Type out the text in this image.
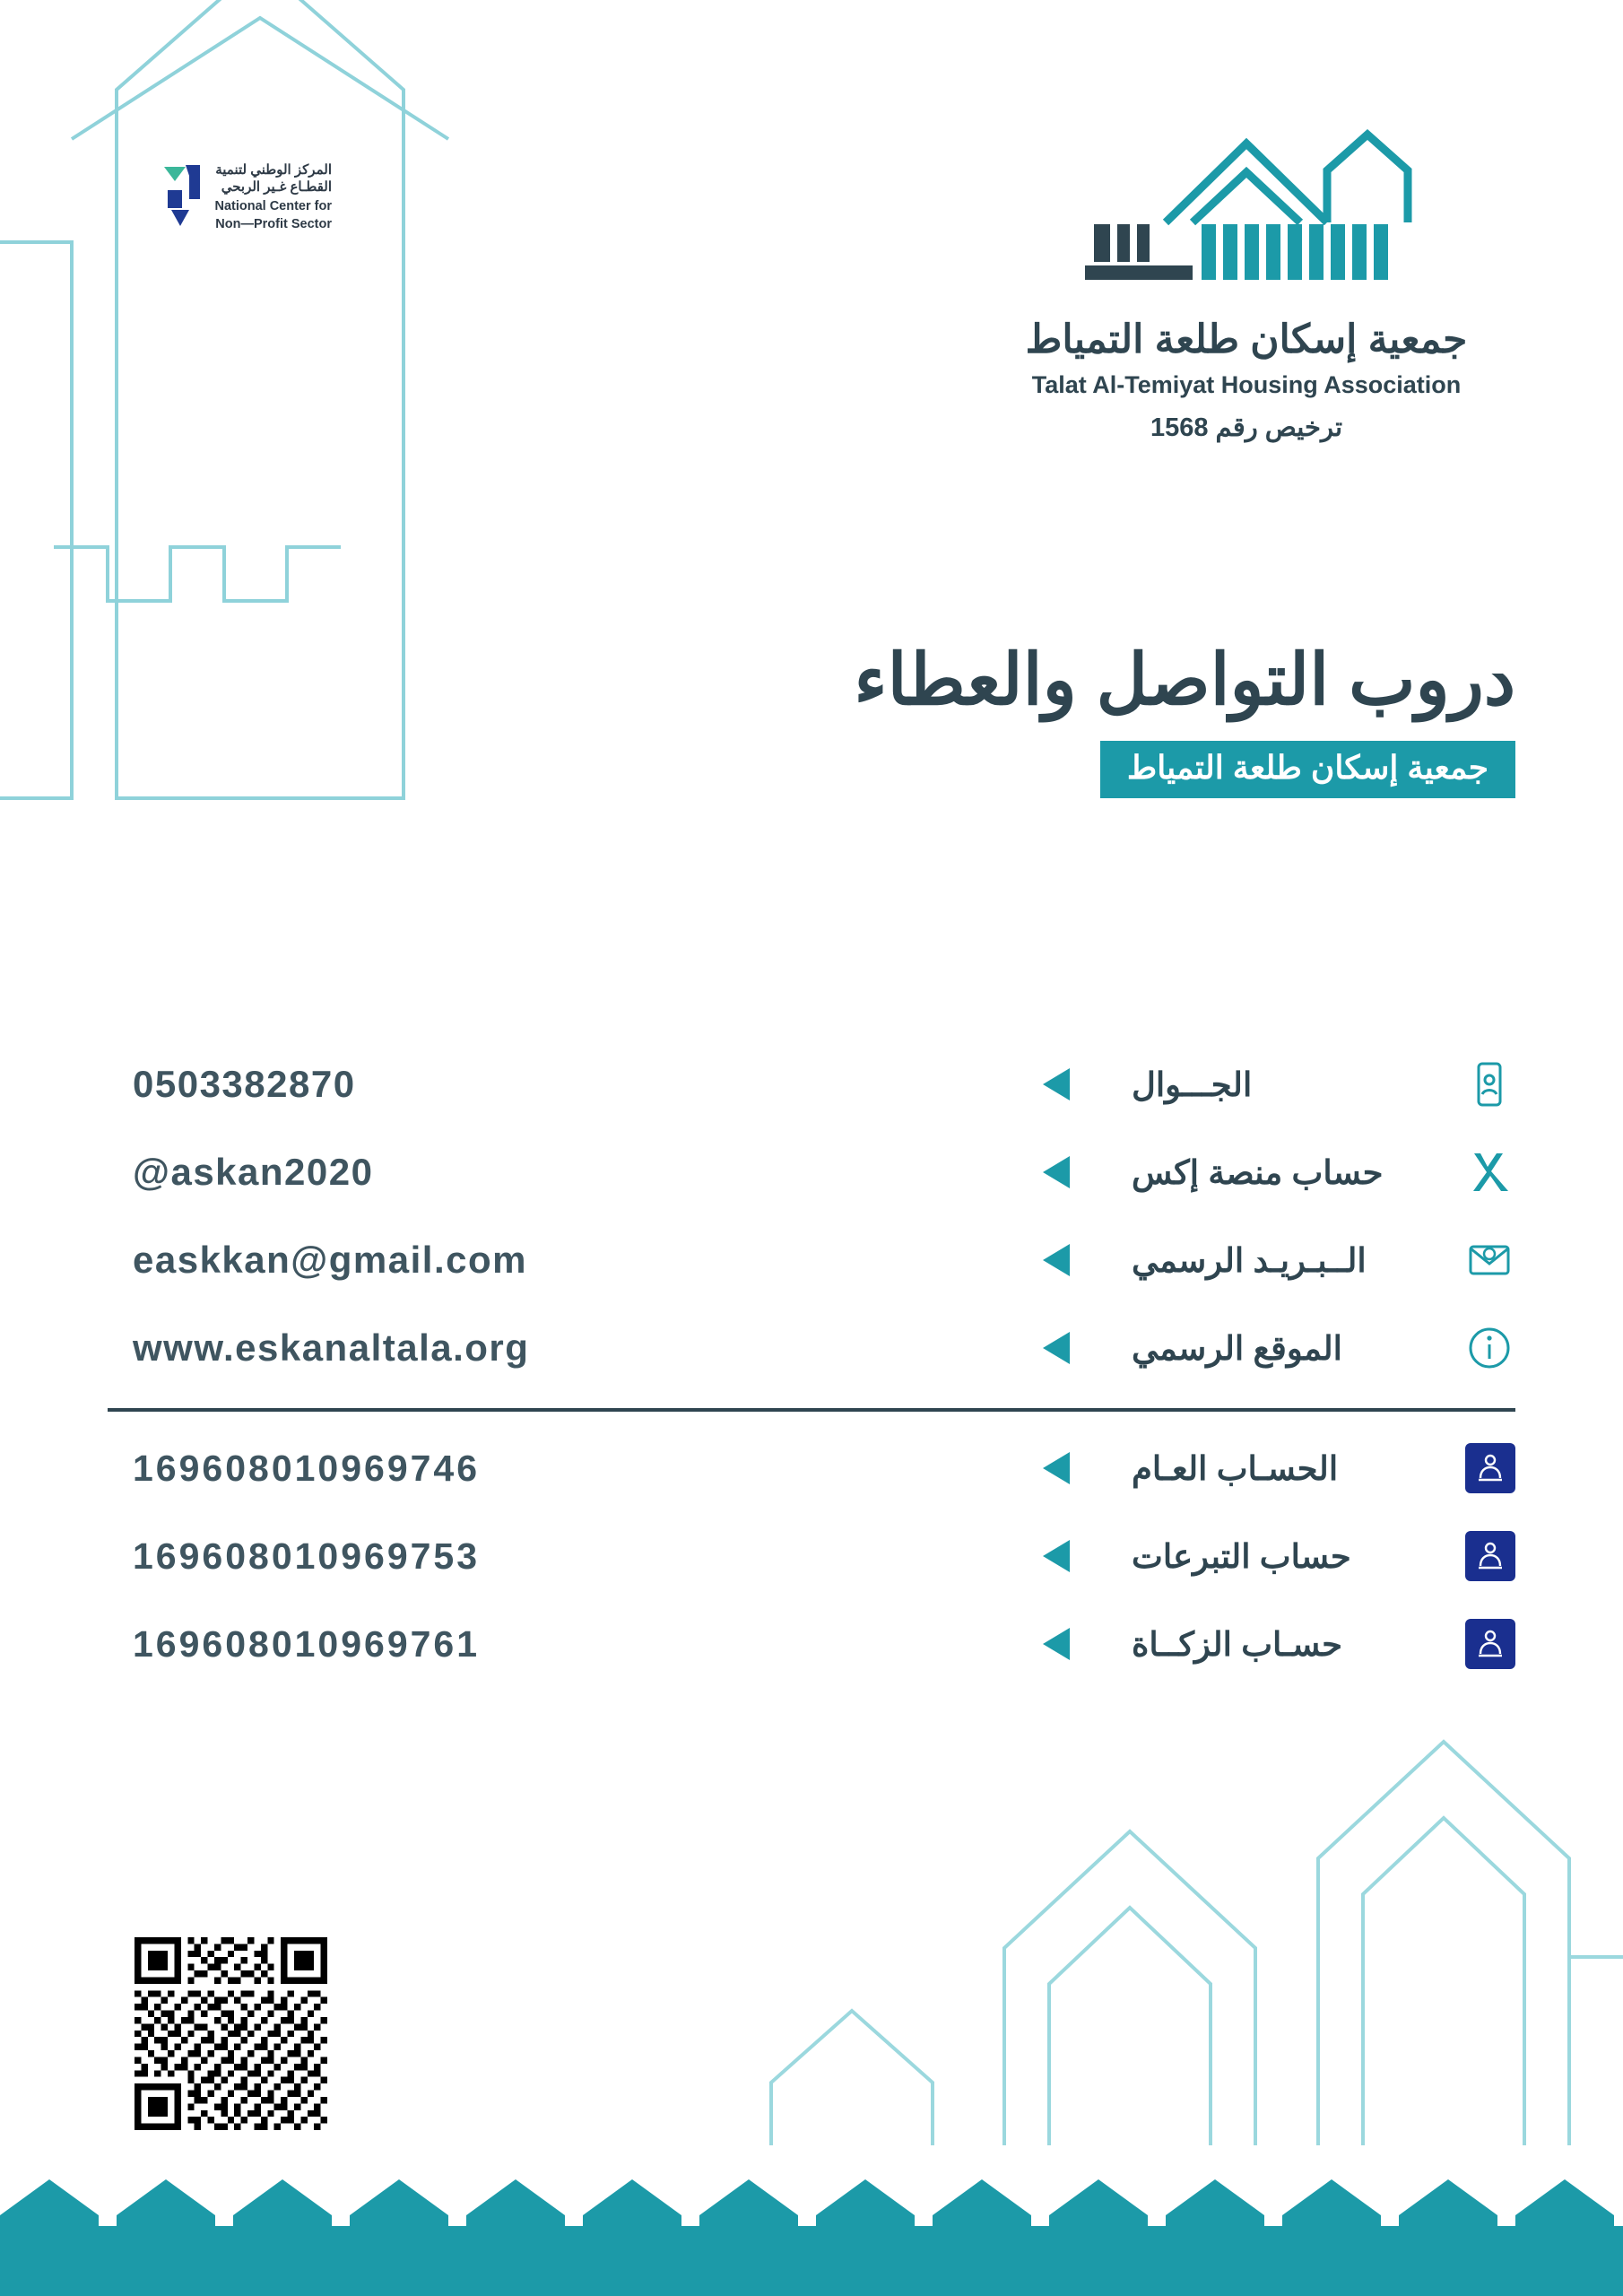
المركز الوطني لتنمية
القطـاع غـير الربحي
National Center for
Non—Profit Sector
جمعية إسكان طلعة التمياط
Talat Al-Temiyat Housing Association
ترخيص رقم 1568
دروب التواصل والعطاء
جمعية إسكان طلعة التمياط
الجـــوال
0503382870
حساب منصة إكس
@askan2020
الــبـريـد الرسمي
easkkan@gmail.com
الموقع الرسمي
www.eskanaltala.org
الحسـاب العـام
169608010969746
حساب التبرعات
169608010969753
حسـاب الزكــاة
169608010969761
